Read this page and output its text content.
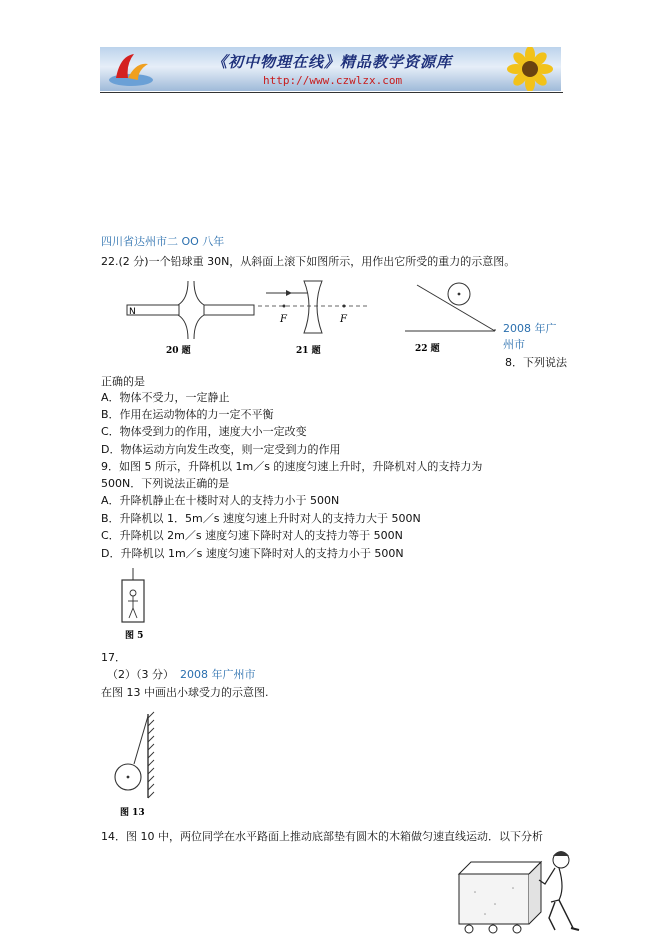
《初中物理在线》精品教学资源库
http://www.czwlzx.com
四川省达州市二 OO 八年
22.(2 分)一个铅球重 30N，从斜面上滚下如图所示，用作出它所受的重力的示意图。
N
20 题
F	F
21 题	22 题
2008 年广
州市
8．下列说法
正确的是
A．物体不受力，一定静止
B．作用在运动物体的力一定不平衡
C．物体受到力的作用，速度大小一定改变
D．物体运动方向发生改变，则一定受到力的作用
9．如图 5 所示，升降机以 1m／s 的速度匀速上升时，升降机对人的支持力为
500N．下列说法正确的是
A．升降机静止在十楼时对人的支持力小于 500N
B．升降机以 1．5m／s 速度匀速上升时对人的支持力大于 500N
C．升降机以 2m／s 速度匀速下降时对人的支持力等于 500N
D．升降机以 1m／s 速度匀速下降时对人的支持力小于 500N
图 5
17．
（2）（3 分） 2008 年广州市
在图 13 中画出小球受力的示意图.
图 13
14．图 10 中，两位同学在水平路面上推动底部垫有圆木的木箱做匀速直线运动．以下分析
